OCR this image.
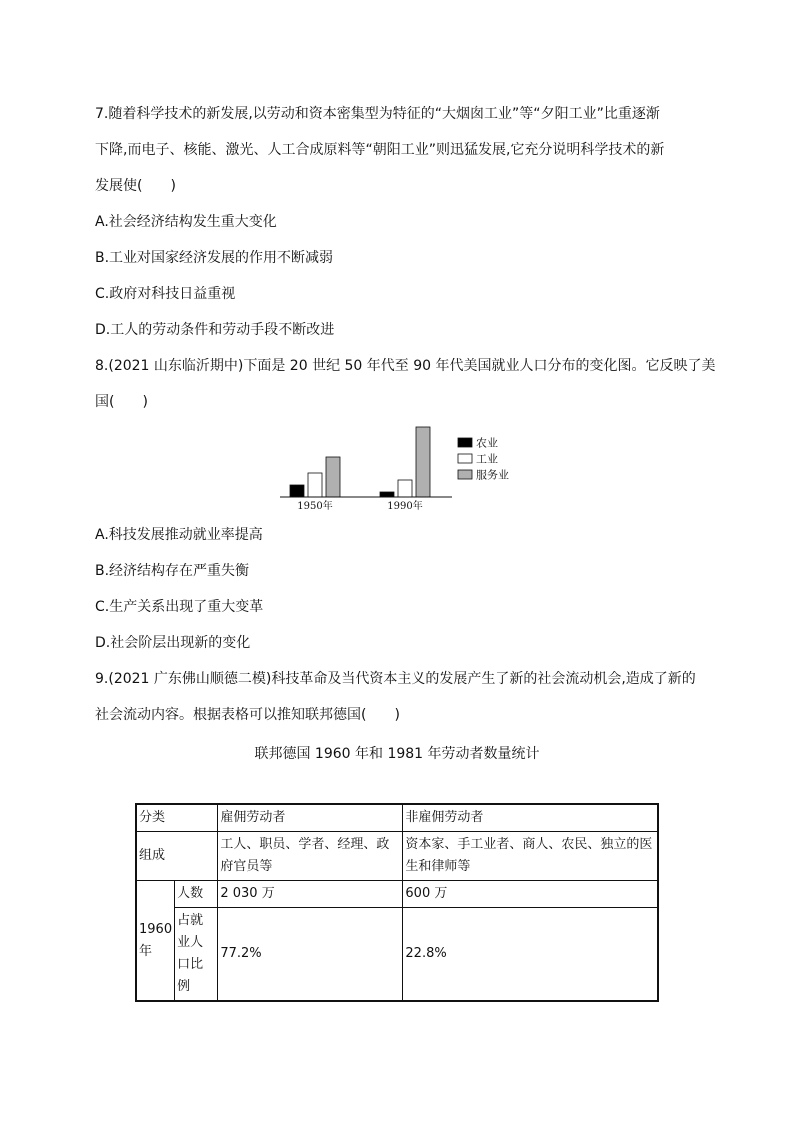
7.随着科学技术的新发展,以劳动和资本密集型为特征的“大烟囱工业”等“夕阳工业”比重逐渐
下降,而电子、核能、激光、人工合成原料等“朝阳工业”则迅猛发展,它充分说明科学技术的新
发展使(　　)
A.社会经济结构发生重大变化
B.工业对国家经济发展的作用不断减弱
C.政府对科技日益重视
D.工人的劳动条件和劳动手段不断改进
8.(2021 山东临沂期中)下面是 20 世纪 50 年代至 90 年代美国就业人口分布的变化图。它反映了美
国(　　)
1950年	1990年
农业
工业
服务业
A.科技发展推动就业率提高
B.经济结构存在严重失衡
C.生产关系出现了重大变革
D.社会阶层出现新的变化
9.(2021 广东佛山顺德二模)科技革命及当代资本主义的发展产生了新的社会流动机会,造成了新的
社会流动内容。根据表格可以推知联邦德国(　　)
联邦德国 1960 年和 1981 年劳动者数量统计
分类		雇佣劳动者	非雇佣劳动者
组成		工人、职员、学者、经理、政府官员等	资本家、手工业者、商人、农民、独立的医生和律师等
1960 年	人数	2 030 万	600 万
	占就业人口比例	77.2%	22.8%
